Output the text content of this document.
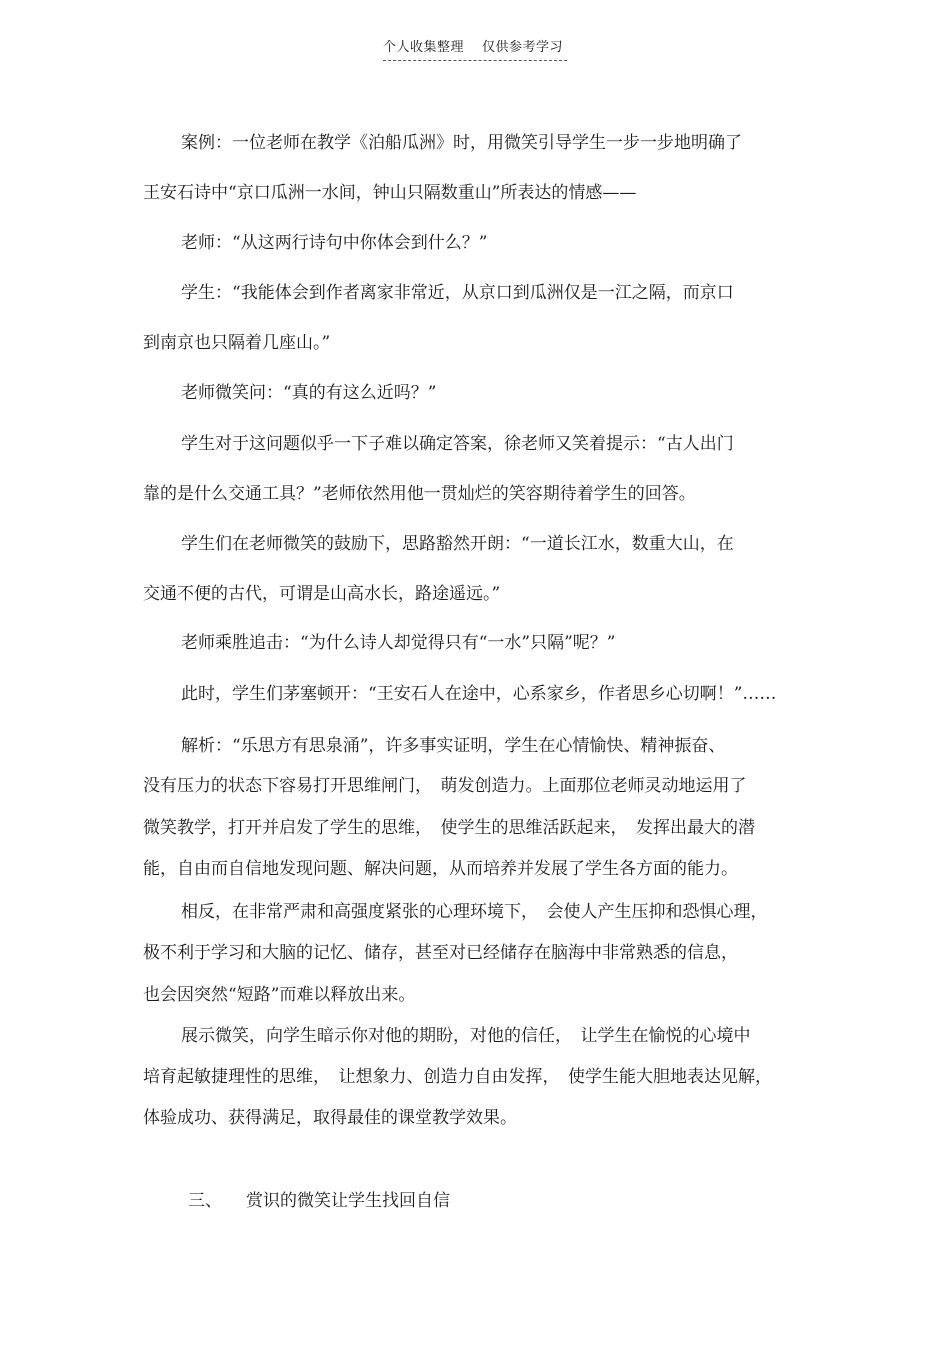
个人收集整理 仅供参考学习
案例：一位老师在教学《泊船瓜洲》时，用微笑引导学生一步一步地明确了
王安石诗中“京口瓜洲一水间，钟山只隔数重山”所表达的情感——
老师：“从这两行诗句中你体会到什么？”
学生：“我能体会到作者离家非常近，从京口到瓜洲仅是一江之隔，而京口
到南京也只隔着几座山。”
老师微笑问：“真的有这么近吗？”
学生对于这问题似乎一下子难以确定答案，徐老师又笑着提示：“古人出门
靠的是什么交通工具？”老师依然用他一贯灿烂的笑容期待着学生的回答。
学生们在老师微笑的鼓励下，思路豁然开朗：“一道长江水，数重大山，在
交通不便的古代，可谓是山高水长，路途遥远。”
老师乘胜追击：“为什么诗人却觉得只有“一水”只隔”呢？”
此时，学生们茅塞顿开：“王安石人在途中，心系家乡，作者思乡心切啊！”……
解析：“乐思方有思泉涌”，许多事实证明，学生在心情愉快、精神振奋、
没有压力的状态下容易打开思维闸门，　萌发创造力。上面那位老师灵动地运用了
微笑教学，打开并启发了学生的思维，　使学生的思维活跃起来，　发挥出最大的潜
能，自由而自信地发现问题、解决问题，从而培养并发展了学生各方面的能力。
相反，在非常严肃和高强度紧张的心理环境下，　会使人产生压抑和恐惧心理，
极不利于学习和大脑的记忆、储存，甚至对已经储存在脑海中非常熟悉的信息，
也会因突然“短路”而难以释放出来。
展示微笑，向学生暗示你对他的期盼，对他的信任，　让学生在愉悦的心境中
培育起敏捷理性的思维，　让想象力、创造力自由发挥，　使学生能大胆地表达见解，
体验成功、获得满足，取得最佳的课堂教学效果。
三、 赏识的微笑让学生找回自信
